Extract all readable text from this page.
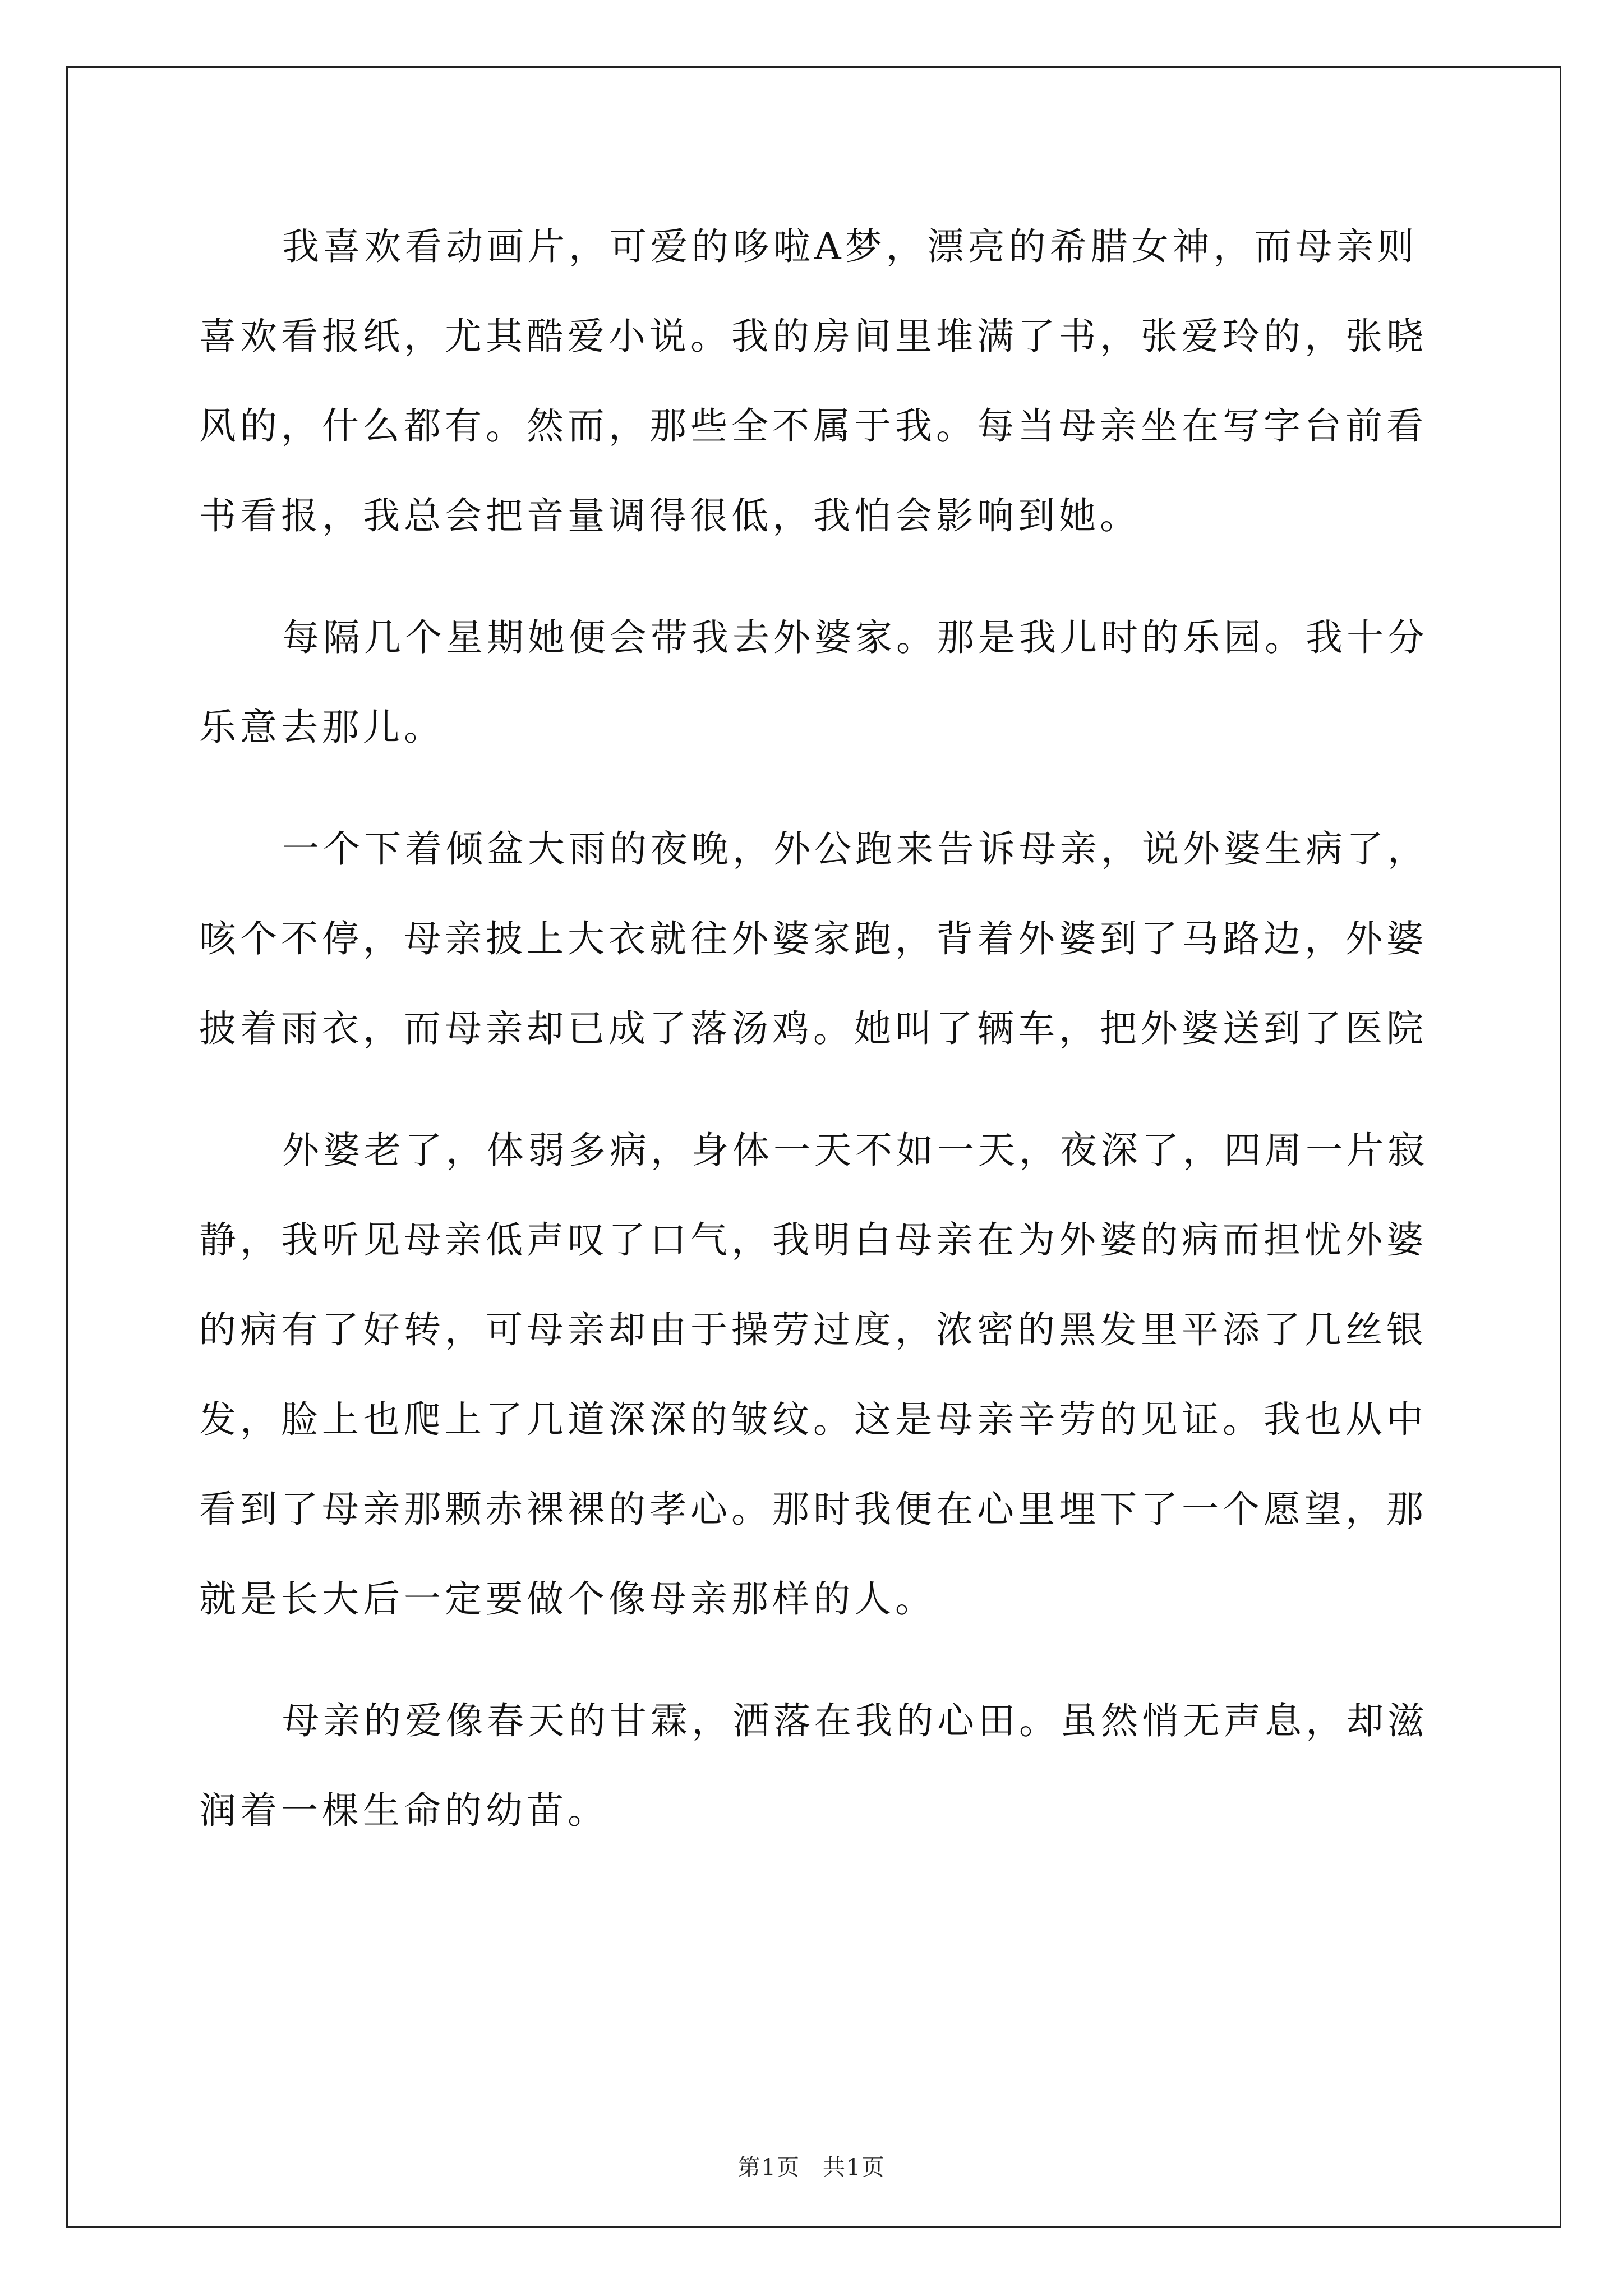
我喜欢看动画片，可爱的哆啦A梦，漂亮的希腊女神，而母亲则
喜欢看报纸，尤其酷爱小说。我的房间里堆满了书，张爱玲的，张晓
风的，什么都有。然而，那些全不属于我。每当母亲坐在写字台前看
书看报，我总会把音量调得很低，我怕会影响到她。
每隔几个星期她便会带我去外婆家。那是我儿时的乐园。我十分
乐意去那儿。
一个下着倾盆大雨的夜晚，外公跑来告诉母亲，说外婆生病了，
咳个不停，母亲披上大衣就往外婆家跑，背着外婆到了马路边，外婆
披着雨衣，而母亲却已成了落汤鸡。她叫了辆车，把外婆送到了医院
外婆老了，体弱多病，身体一天不如一天，夜深了，四周一片寂
静，我听见母亲低声叹了口气，我明白母亲在为外婆的病而担忧外婆
的病有了好转，可母亲却由于操劳过度，浓密的黑发里平添了几丝银
发，脸上也爬上了几道深深的皱纹。这是母亲辛劳的见证。我也从中
看到了母亲那颗赤裸裸的孝心。那时我便在心里埋下了一个愿望，那
就是长大后一定要做个像母亲那样的人。
母亲的爱像春天的甘霖，洒落在我的心田。虽然悄无声息，却滋
润着一棵生命的幼苗。
第1页 共1页
